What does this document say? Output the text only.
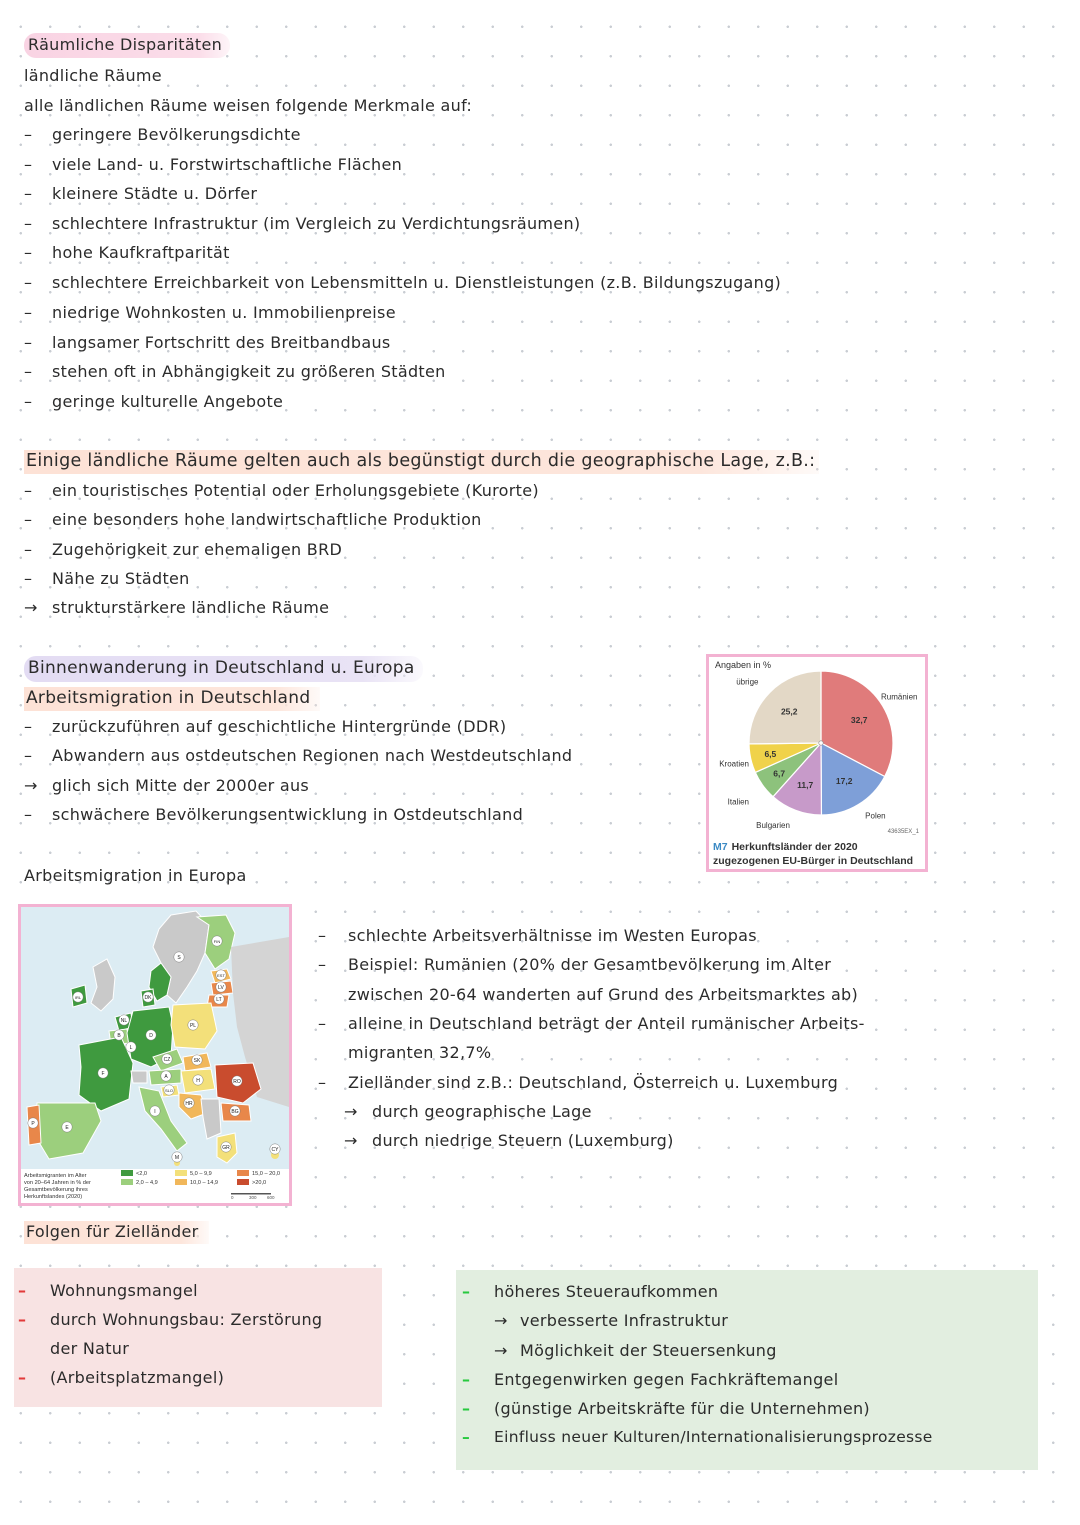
Räumliche Disparitäten
ländliche Räume
alle ländlichen Räume weisen folgende Merkmale auf:
– geringere Bevölkerungsdichte
– viele Land- u. Forstwirtschaftliche Flächen
– kleinere Städte u. Dörfer
– schlechtere Infrastruktur (im Vergleich zu Verdichtungsräumen)
– hohe Kaufkraftparität
– schlechtere Erreichbarkeit von Lebensmitteln u. Dienstleistungen (z.B. Bildungszugang)
– niedrige Wohnkosten u. Immobilienpreise
– langsamer Fortschritt des Breitbandbaus
– stehen oft in Abhängigkeit zu größeren Städten
– geringe kulturelle Angebote
Einige ländliche Räume gelten auch als begünstigt durch die geographische Lage, z.B.:
– ein touristisches Potential oder Erholungsgebiete (Kurorte)
– eine besonders hohe landwirtschaftliche Produktion
– Zugehörigkeit zur ehemaligen BRD
– Nähe zu Städten
→ strukturstärkere ländliche Räume
Binnenwanderung in Deutschland u. Europa
Arbeitsmigration in Deutschland
– zurückzuführen auf geschichtliche Hintergründe (DDR)
– Abwandern aus ostdeutschen Regionen nach Westdeutschland
→ glich sich Mitte der 2000er aus
– schwächere Bevölkerungsentwicklung in Ostdeutschland
Angaben in %
32,7
Rumänien
17,2
Polen
11,7
Bulgarien
6,7
Italien
6,5
Kroatien
25,2
übrige
43635EX_1
M7 Herkunftsländer der 2020 zugezogenen EU-Bürger in Deutschland
Arbeitsmigration in Europa
FIN
S
EST
LV
LT
IRL	DK
NL
PL
B	D
L
CZ	SK
F	A
H	RO
SLO
HR
BG
P
E
I
GR
M
CY
Arbeitsmigranten im Alter
von 20–64 Jahren in % der
Gesamtbevölkerung ihres
Herkunftslandes (2020)
<2,0
2,0 – 4,9
5,0 – 9,9
10,0 – 14,9
15,0 – 20,0
>20,0
0	300 600
– schlechte Arbeitsverhältnisse im Westen Europas
– Beispiel: Rumänien (20% der Gesamtbevölkerung im Alter
zwischen 20-64 wanderten auf Grund des Arbeitsmarktes ab)
– alleine in Deutschland beträgt der Anteil rumänischer Arbeits-
migranten 32,7%
– Zielländer sind z.B.: Deutschland, Österreich u. Luxemburg
→ durch geographische Lage
→ durch niedrige Steuern (Luxemburg)
Folgen für Zielländer
– Wohnungsmangel
– durch Wohnungsbau: Zerstörung
der Natur
– (Arbeitsplatzmangel)
– höheres Steueraufkommen
→ verbesserte Infrastruktur
→ Möglichkeit der Steuersenkung
– Entgegenwirken gegen Fachkräftemangel
– (günstige Arbeitskräfte für die Unternehmen)
– Einfluss neuer Kulturen/Internationalisierungsprozesse
